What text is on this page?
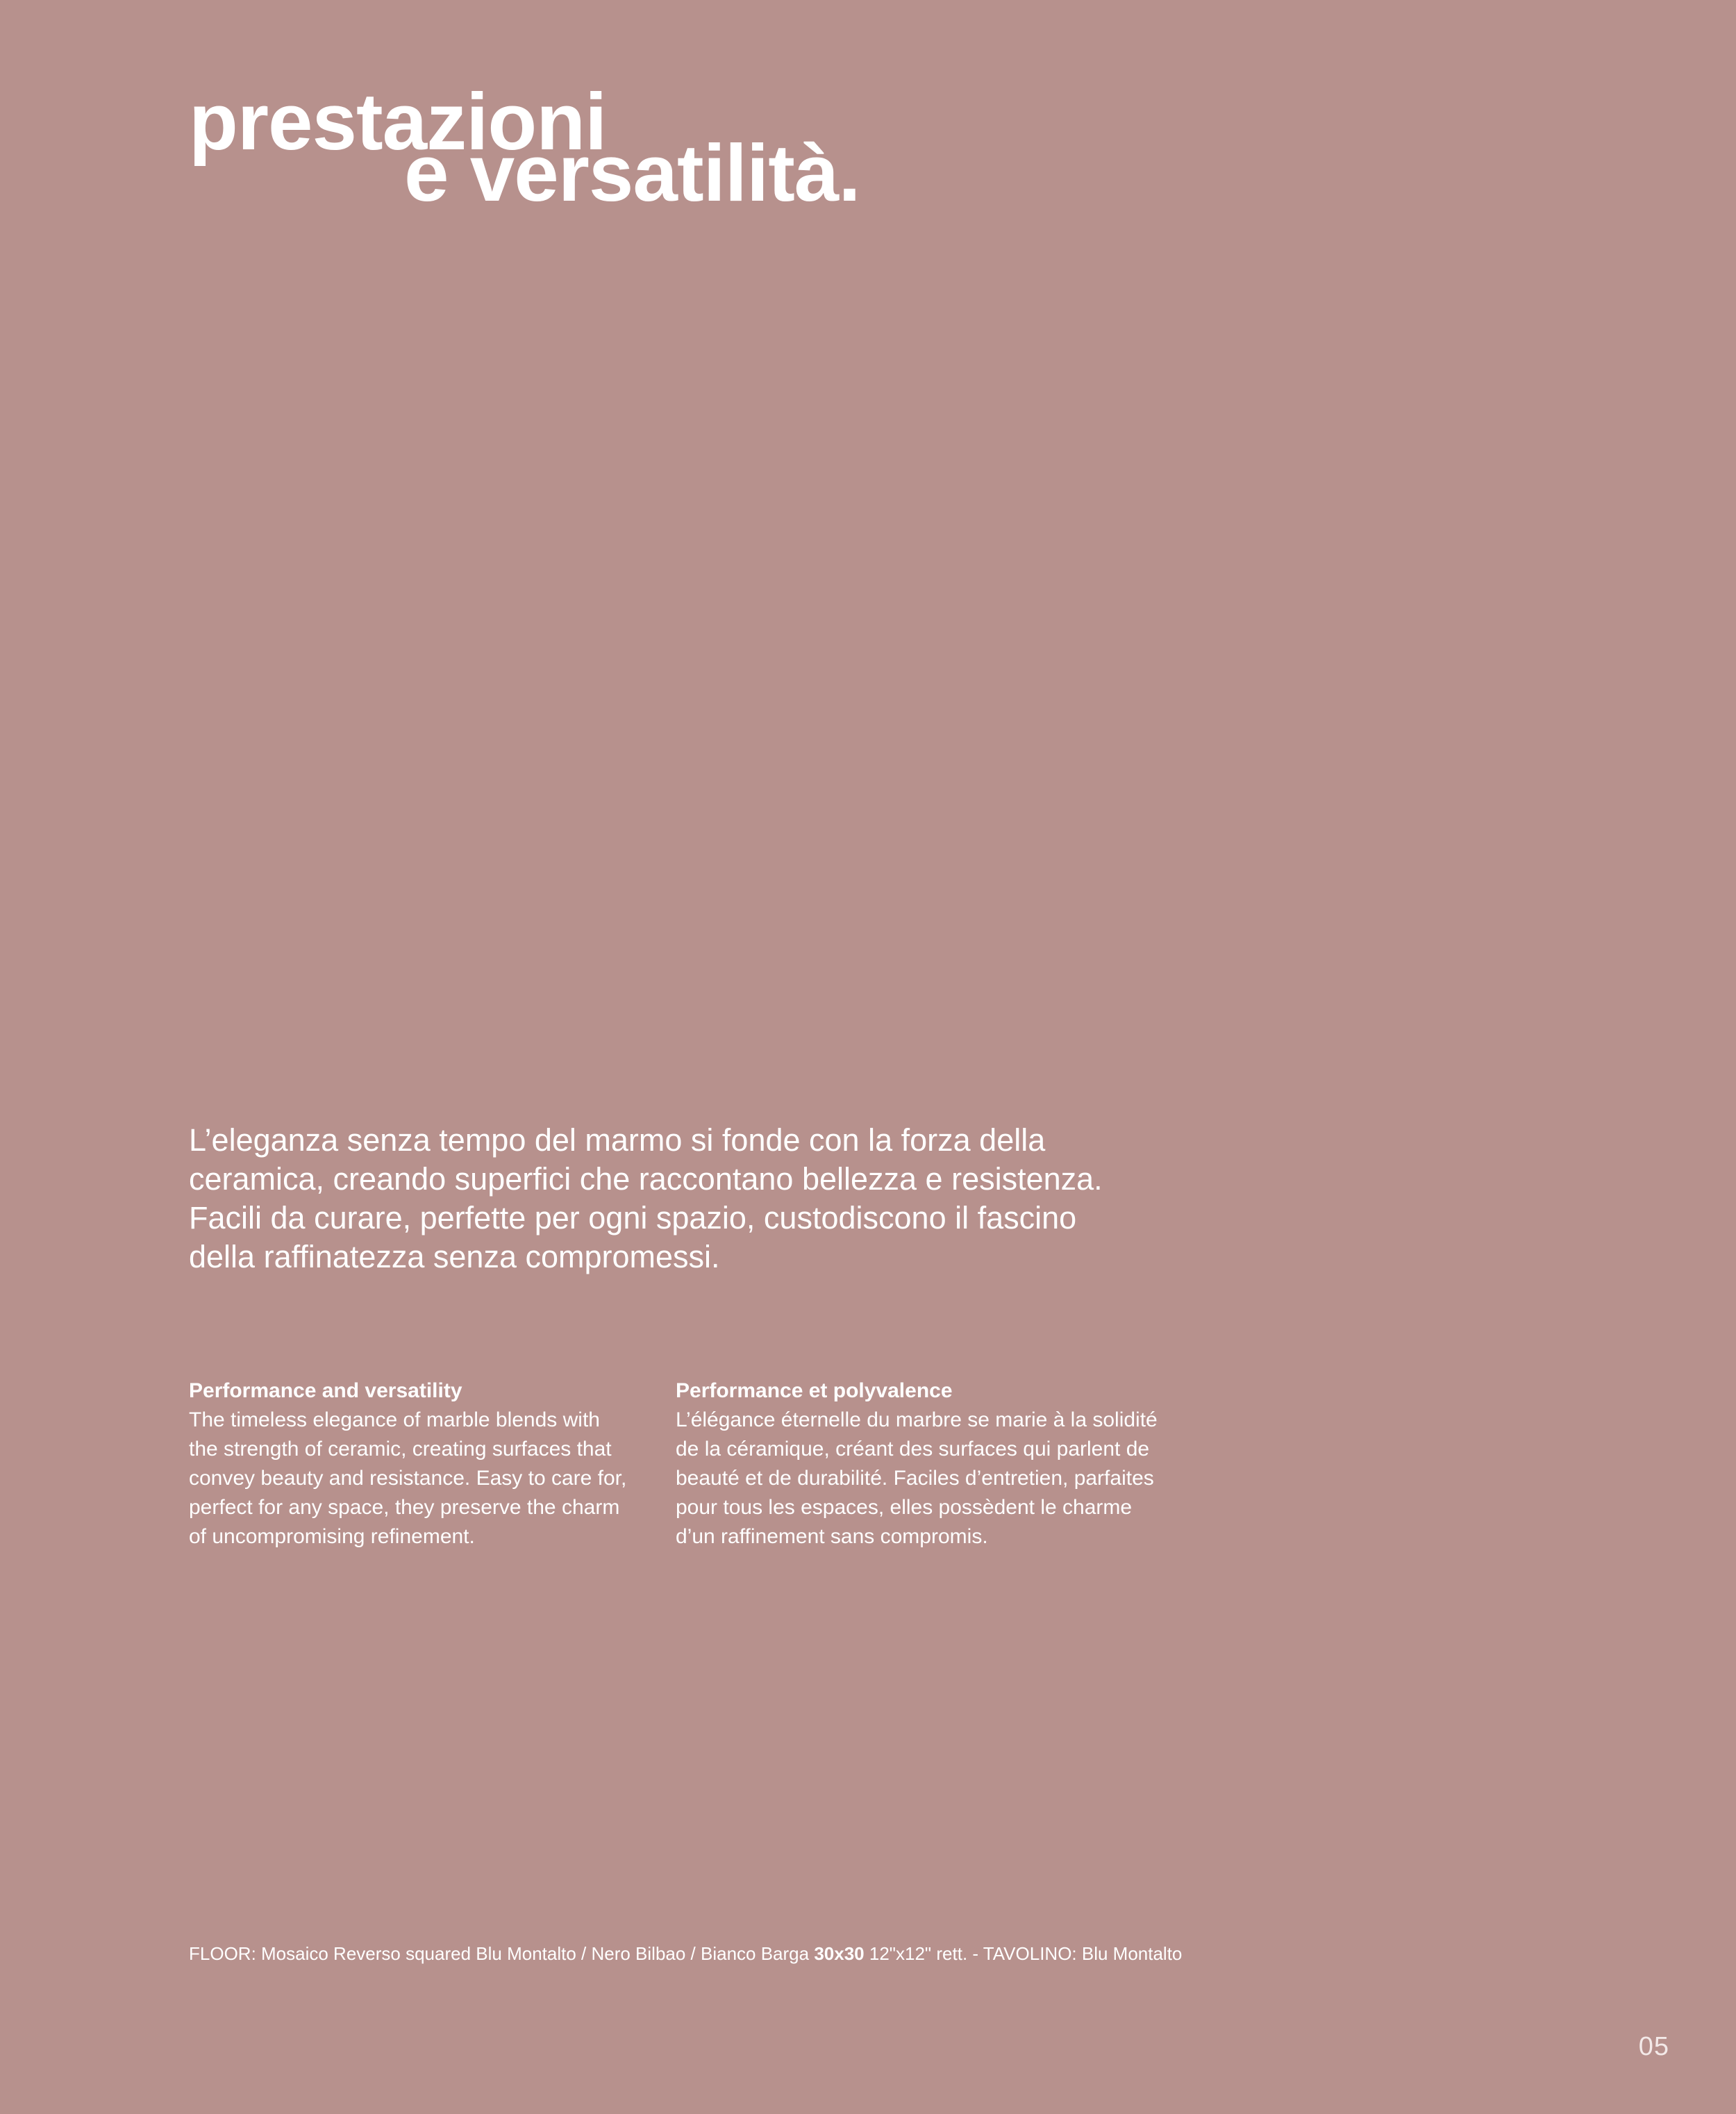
prestazioni
e versatilità.

L’eleganza senza tempo del marmo si fonde con la forza della ceramica, creando superfici che raccontano bellezza e resistenza. Facili da curare, perfette per ogni spazio, custodiscono il fascino della raffinatezza senza compromessi.

Performance and versatility
The timeless elegance of marble blends with the strength of ceramic, creating surfaces that convey beauty and resistance. Easy to care for, perfect for any space, they preserve the charm of uncompromising refinement.

Performance et polyvalence
L’élégance éternelle du marbre se marie à la solidité de la céramique, créant des surfaces qui parlent de beauté et de durabilité. Faciles d’entretien, parfaites pour tous les espaces, elles possèdent le charme d’un raffinement sans compromis.

FLOOR: Mosaico Reverso squared Blu Montalto / Nero Bilbao / Bianco Barga 30x30 12"x12" rett. - TAVOLINO: Blu Montalto

05
